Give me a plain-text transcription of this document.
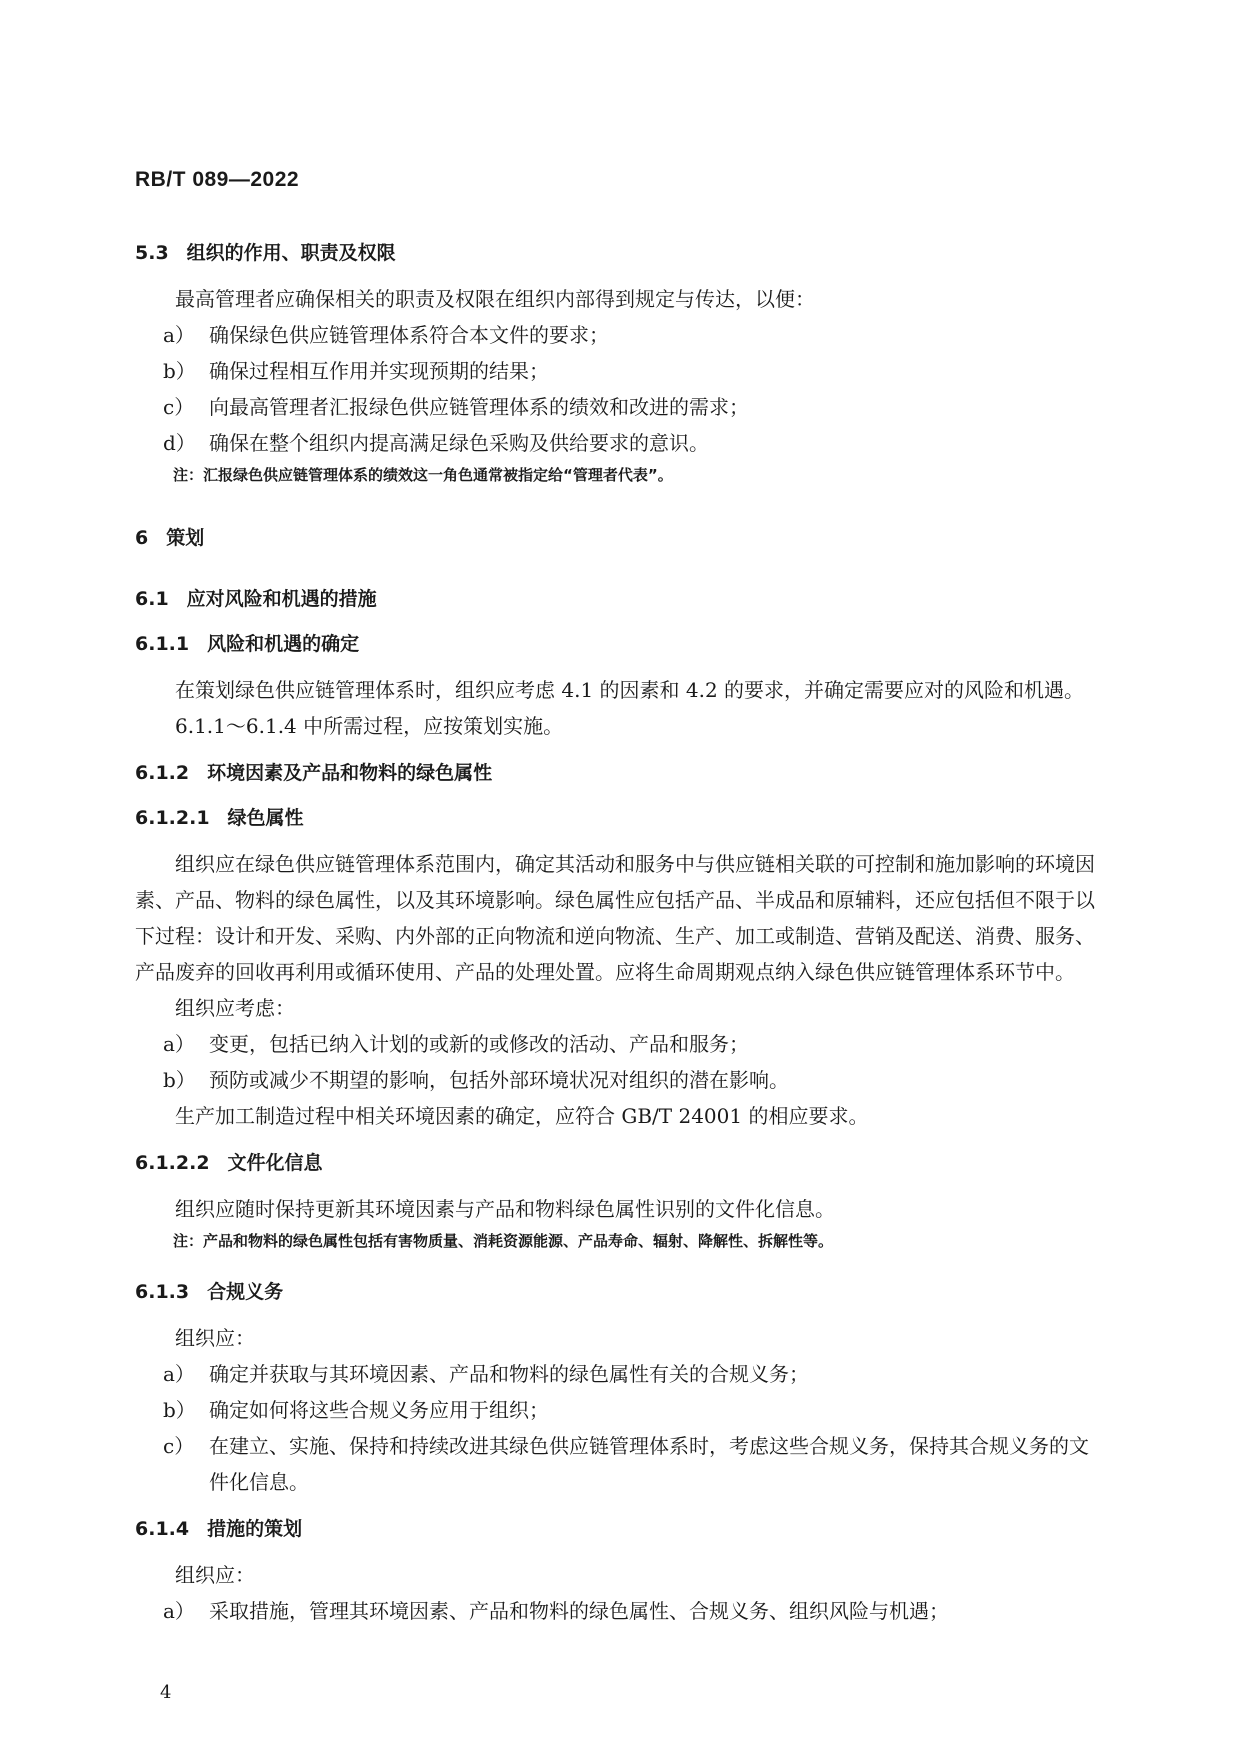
RB/T 089—2022
5.3 组织的作用、职责及权限
最高管理者应确保相关的职责及权限在组织内部得到规定与传达，以便：
a） 确保绿色供应链管理体系符合本文件的要求；
b） 确保过程相互作用并实现预期的结果；
c） 向最高管理者汇报绿色供应链管理体系的绩效和改进的需求；
d） 确保在整个组织内提高满足绿色采购及供给要求的意识。
注：汇报绿色供应链管理体系的绩效这一角色通常被指定给“管理者代表”。
6 策划
6.1 应对风险和机遇的措施
6.1.1 风险和机遇的确定
在策划绿色供应链管理体系时，组织应考虑 4.1 的因素和 4.2 的要求，并确定需要应对的风险和机遇。
6.1.1～6.1.4 中所需过程，应按策划实施。
6.1.2 环境因素及产品和物料的绿色属性
6.1.2.1 绿色属性
组织应在绿色供应链管理体系范围内，确定其活动和服务中与供应链相关联的可控制和施加影响的环境因素、产品、物料的绿色属性，以及其环境影响。绿色属性应包括产品、半成品和原辅料，还应包括但不限于以下过程：设计和开发、采购、内外部的正向物流和逆向物流、生产、加工或制造、营销及配送、消费、服务、产品废弃的回收再利用或循环使用、产品的处理处置。应将生命周期观点纳入绿色供应链管理体系环节中。
组织应考虑：
a） 变更，包括已纳入计划的或新的或修改的活动、产品和服务；
b） 预防或减少不期望的影响，包括外部环境状况对组织的潜在影响。
生产加工制造过程中相关环境因素的确定，应符合 GB/T 24001 的相应要求。
6.1.2.2 文件化信息
组织应随时保持更新其环境因素与产品和物料绿色属性识别的文件化信息。
注：产品和物料的绿色属性包括有害物质量、消耗资源能源、产品寿命、辐射、降解性、拆解性等。
6.1.3 合规义务
组织应：
a） 确定并获取与其环境因素、产品和物料的绿色属性有关的合规义务；
b） 确定如何将这些合规义务应用于组织；
c） 在建立、实施、保持和持续改进其绿色供应链管理体系时，考虑这些合规义务，保持其合规义务的文件化信息。
6.1.4 措施的策划
组织应：
a） 采取措施，管理其环境因素、产品和物料的绿色属性、合规义务、组织风险与机遇；
4
